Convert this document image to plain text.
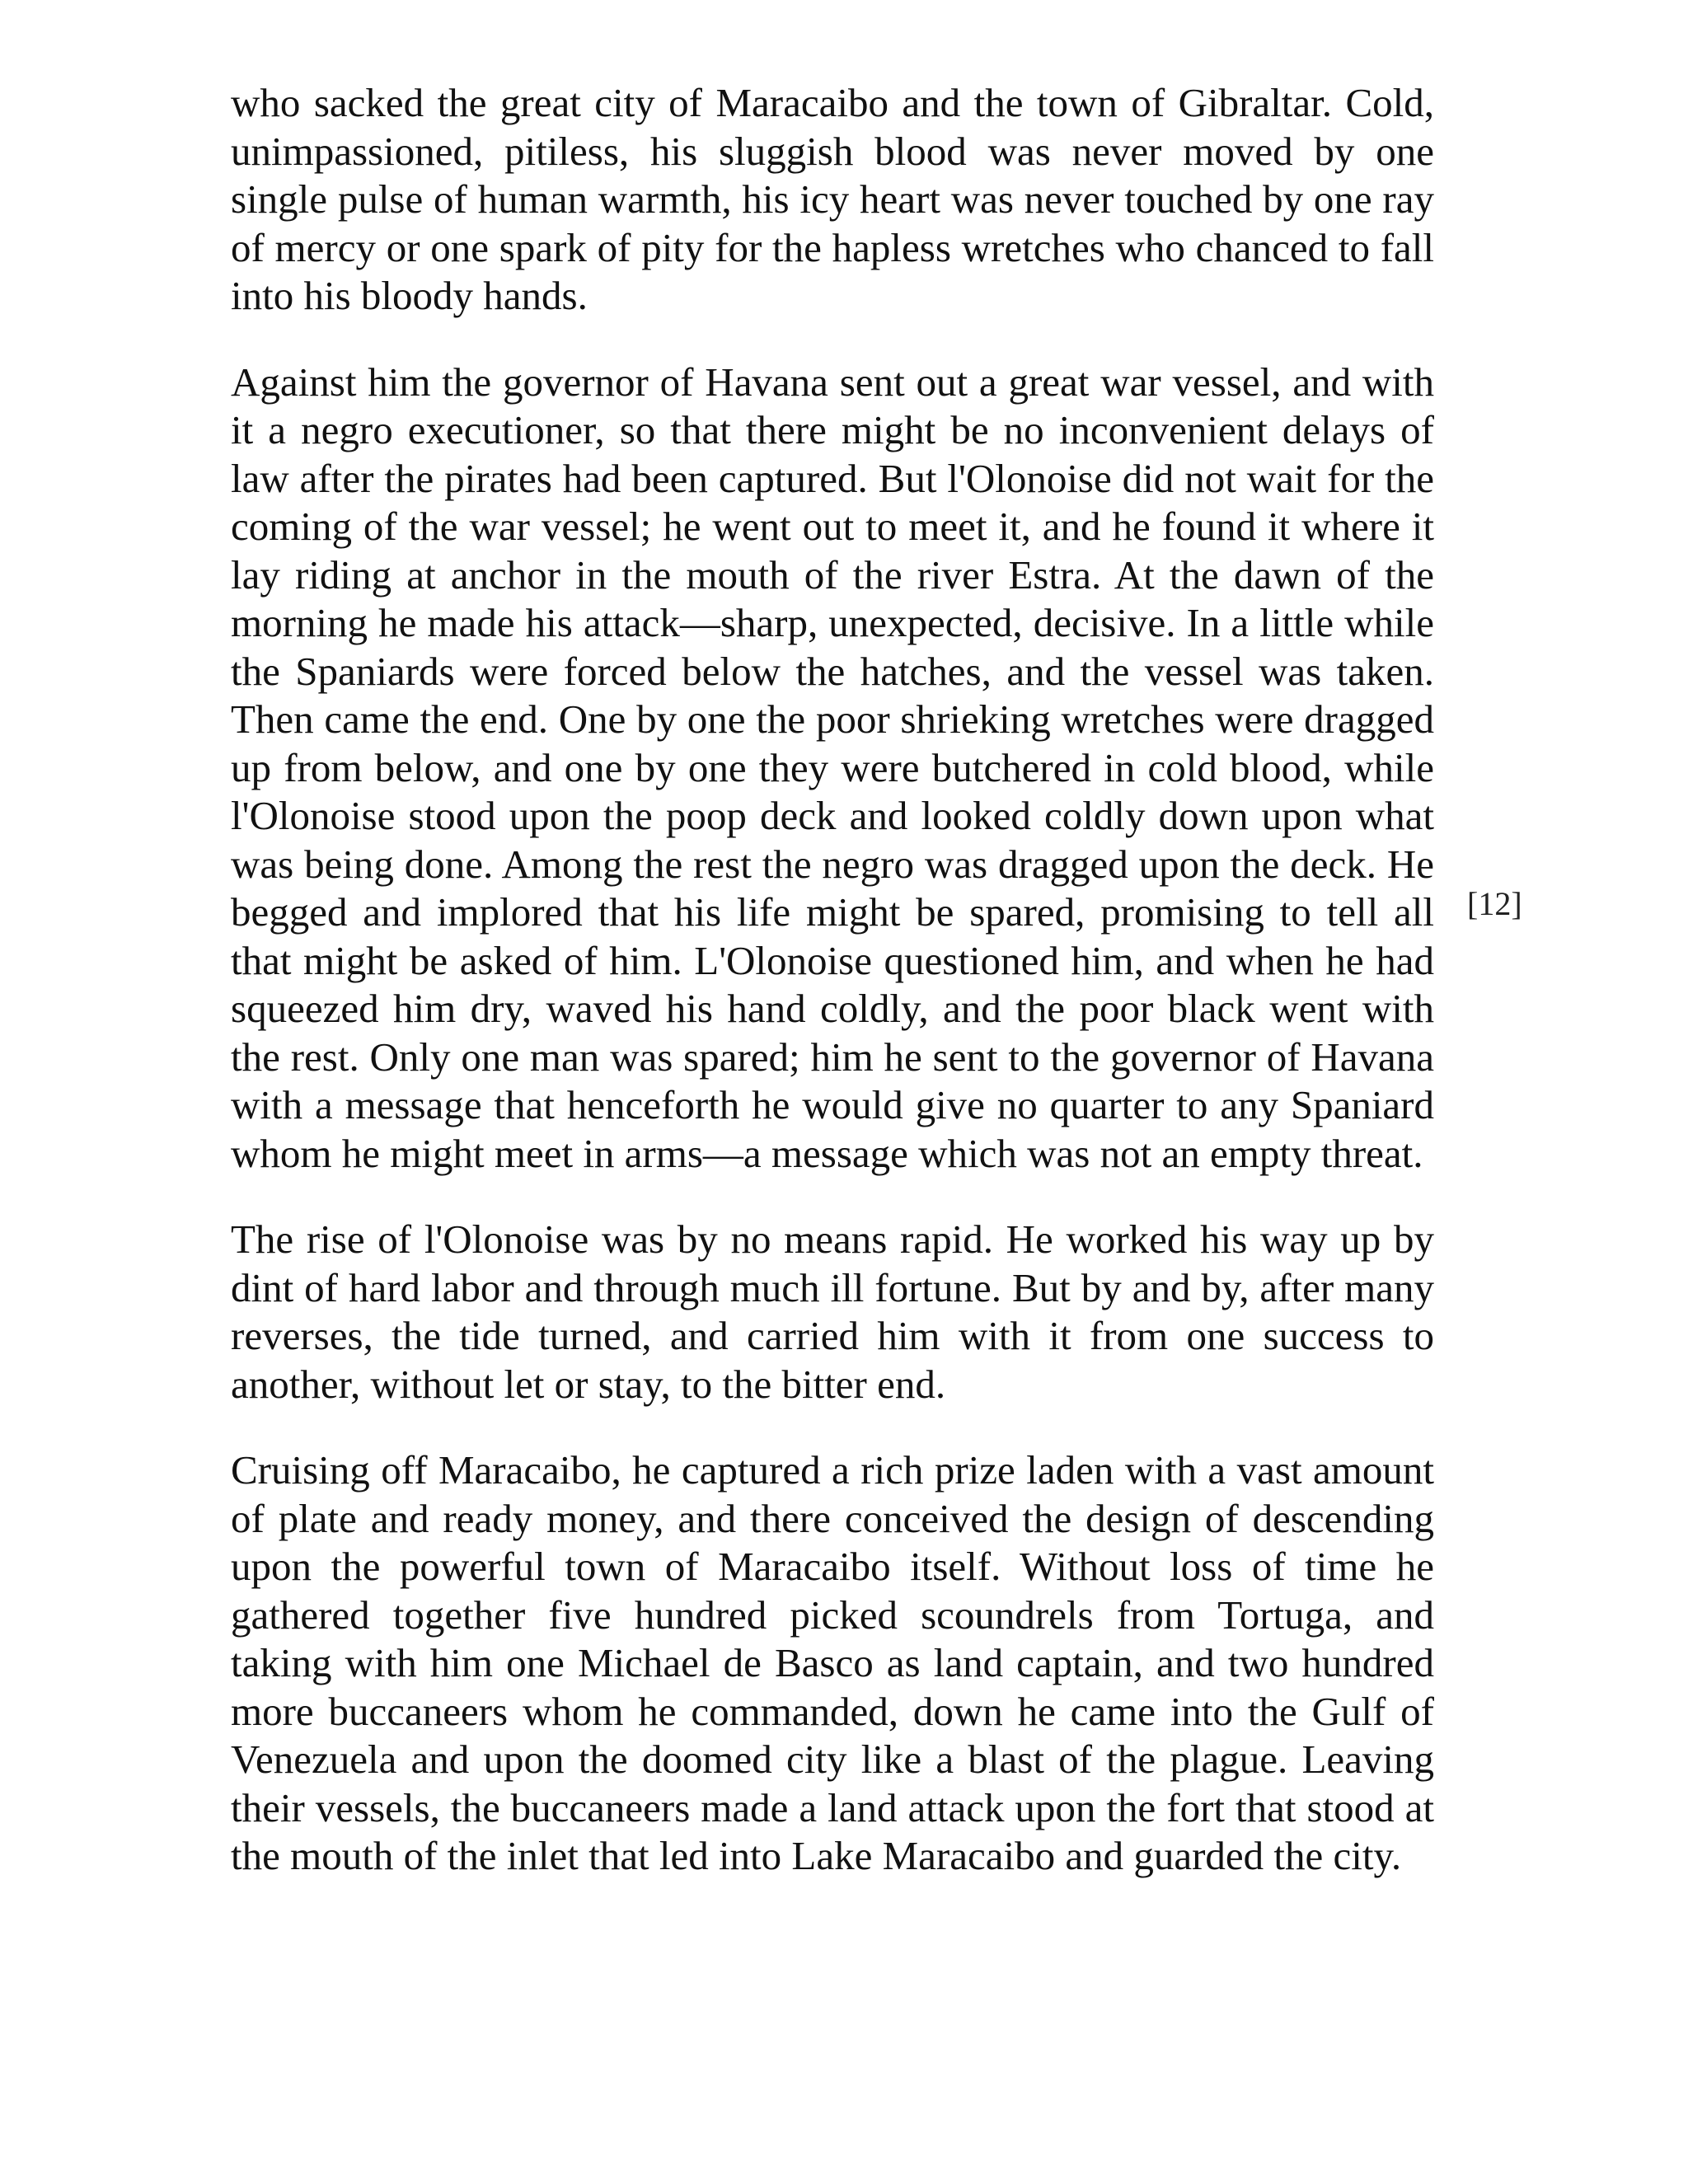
who sacked the great city of Maracaibo and the town of Gibraltar. Cold, unimpassioned, pitiless, his sluggish blood was never moved by one single pulse of human warmth, his icy heart was never touched by one ray of mercy or one spark of pity for the hapless wretches who chanced to fall into his bloody hands.

Against him the governor of Havana sent out a great war vessel, and with it a negro executioner, so that there might be no inconvenient delays of law after the pirates had been captured. But l'Olonoise did not wait for the coming of the war vessel; he went out to meet it, and he found it where it lay riding at anchor in the mouth of the river Estra. At the dawn of the morning he made his attack—sharp, unexpected, decisive. In a little while the Spaniards were forced below the hatches, and the vessel was taken. Then came the end. One by one the poor shrieking wretches were dragged up from below, and one by one they were butchered in cold blood, while l'Olonoise stood upon the poop deck and looked coldly down upon what was being done. Among the rest the negro was dragged upon the deck. He begged and implored that his life might be spared, promising to tell all that might be asked of him. L'Olonoise questioned him, and when he had squeezed him dry, waved his hand coldly, and the poor black went with the rest. Only one man was spared; him he sent to the governor of Havana with a message that henceforth he would give no quarter to any Spaniard whom he might meet in arms—a message which was not an empty threat.

The rise of l'Olonoise was by no means rapid. He worked his way up by dint of hard labor and through much ill fortune. But by and by, after many reverses, the tide turned, and carried him with it from one success to another, without let or stay, to the bitter end.

Cruising off Maracaibo, he captured a rich prize laden with a vast amount of plate and ready money, and there conceived the design of descending upon the powerful town of Maracaibo itself. Without loss of time he gathered together five hundred picked scoundrels from Tortuga, and taking with him one Michael de Basco as land captain, and two hundred more buccaneers whom he commanded, down he came into the Gulf of Venezuela and upon the doomed city like a blast of the plague. Leaving their vessels, the buccaneers made a land attack upon the fort that stood at the mouth of the inlet that led into Lake Maracaibo and guarded the city.

[12]
